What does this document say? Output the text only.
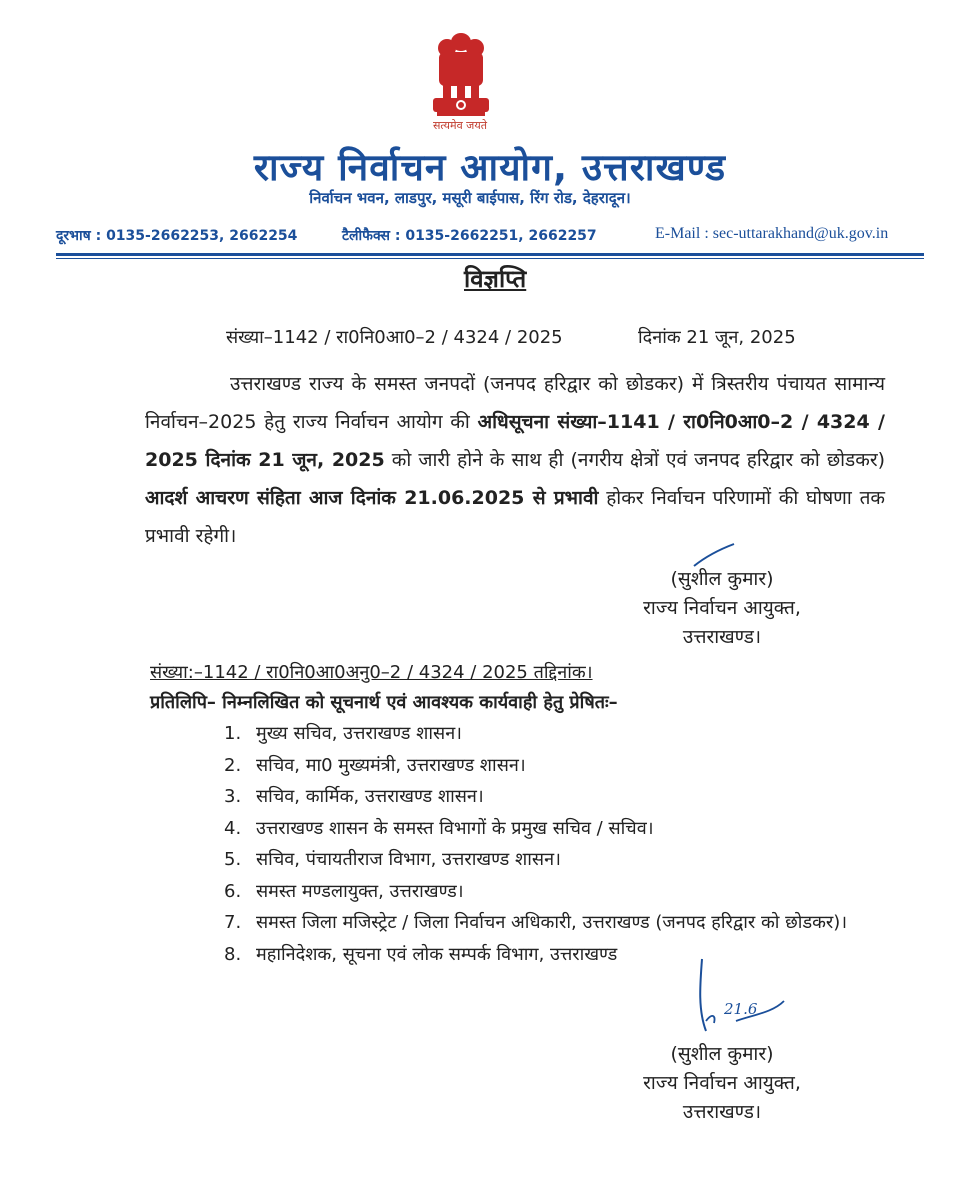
सत्यमेव जयते
राज्य निर्वाचन आयोग, उत्तराखण्ड
निर्वाचन भवन, लाडपुर, मसूरी बाईपास, रिंग रोड, देहरादून।
दूरभाष : 0135-2662253, 2662254	टैलीफैक्स : 0135-2662251, 2662257	E-Mail : sec-uttarakhand@uk.gov.in
विज्ञप्ति
संख्या–1142 / रा0नि0आ0–2 / 4324 / 2025	दिनांक 21 जून, 2025
उत्तराखण्ड राज्य के समस्त जनपदों (जनपद हरिद्वार को छोडकर) में त्रिस्तरीय पंचायत सामान्य निर्वाचन–2025 हेतु राज्य निर्वाचन आयोग की अधिसूचना संख्या–1141 / रा0नि0आ0–2 / 4324 / 2025 दिनांक 21 जून, 2025 को जारी होने के साथ ही (नगरीय क्षेत्रों एवं जनपद हरिद्वार को छोडकर) आदर्श आचरण संहिता आज दिनांक 21.06.2025 से प्रभावी होकर निर्वाचन परिणामों की घोषणा तक प्रभावी रहेगी।
(सुशील कुमार)
राज्य निर्वाचन आयुक्त,
उत्तराखण्ड।
संख्या:–1142 / रा0नि0आ0अनु0–2 / 4324 / 2025 तद्दिनांक।
प्रतिलिपि– निम्नलिखित को सूचनार्थ एवं आवश्यक कार्यवाही हेतु प्रेषितः–
1. मुख्य सचिव, उत्तराखण्ड शासन।
2. सचिव, मा0 मुख्यमंत्री, उत्तराखण्ड शासन।
3. सचिव, कार्मिक, उत्तराखण्ड शासन।
4. उत्तराखण्ड शासन के समस्त विभागों के प्रमुख सचिव / सचिव।
5. सचिव, पंचायतीराज विभाग, उत्तराखण्ड शासन।
6. समस्त मण्डलायुक्त, उत्तराखण्ड।
7. समस्त जिला मजिस्ट्रेट / जिला निर्वाचन अधिकारी, उत्तराखण्ड (जनपद हरिद्वार को छोडकर)।
8. महानिदेशक, सूचना एवं लोक सम्पर्क विभाग, उत्तराखण्ड
21.6
(सुशील कुमार)
राज्य निर्वाचन आयुक्त,
उत्तराखण्ड।
